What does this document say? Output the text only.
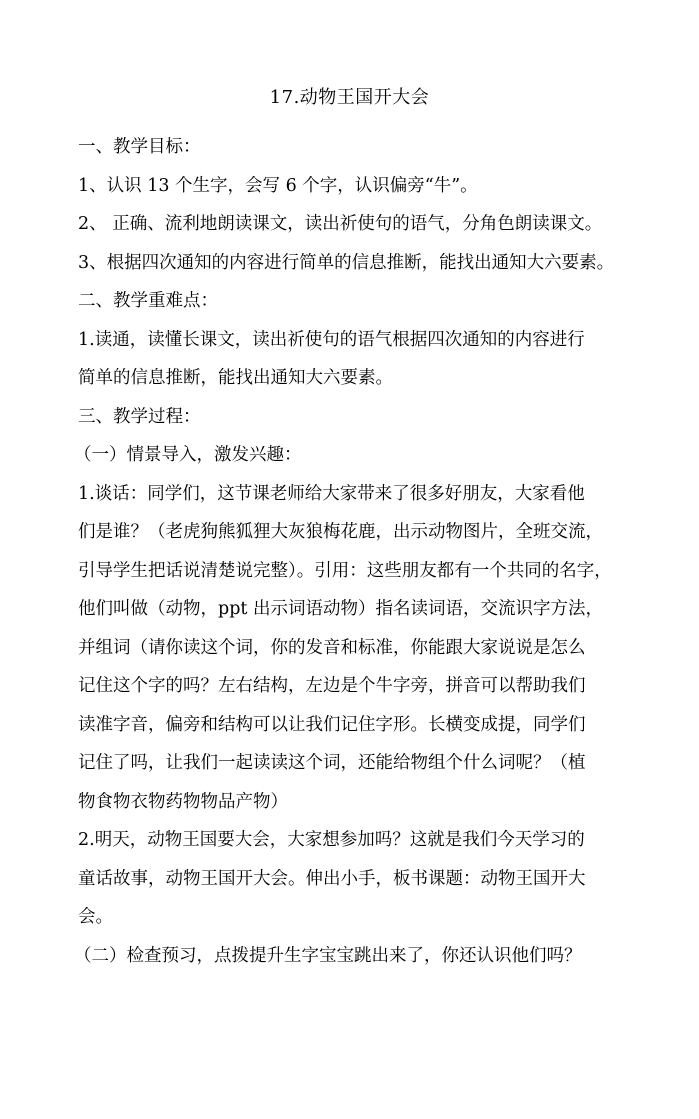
17.动物王国开大会
一、教学目标：
1、认识 13 个生字，会写 6 个字，认识偏旁“牛”。
2、 正确、流利地朗读课文，读出祈使句的语气，分角色朗读课文。
3、根据四次通知的内容进行简单的信息推断，能找出通知大六要素。
二、教学重难点：
1.读通，读懂长课文，读出祈使句的语气根据四次通知的内容进行
简单的信息推断，能找出通知大六要素。
三、教学过程：
（一）情景导入，激发兴趣：
1.谈话：同学们，这节课老师给大家带来了很多好朋友，大家看他
们是谁？（老虎狗熊狐狸大灰狼梅花鹿，出示动物图片，全班交流，
引导学生把话说清楚说完整）。引用：这些朋友都有一个共同的名字，
他们叫做（动物，ppt 出示词语动物）指名读词语，交流识字方法，
并组词（请你读这个词，你的发音和标准，你能跟大家说说是怎么
记住这个字的吗？左右结构，左边是个牛字旁，拼音可以帮助我们
读准字音，偏旁和结构可以让我们记住字形。长横变成提，同学们
记住了吗，让我们一起读读这个词，还能给物组个什么词呢？（植
物食物衣物药物物品产物）
2.明天，动物王国要大会，大家想参加吗？这就是我们今天学习的
童话故事，动物王国开大会。伸出小手，板书课题：动物王国开大
会。
（二）检查预习，点拨提升生字宝宝跳出来了，你还认识他们吗？
